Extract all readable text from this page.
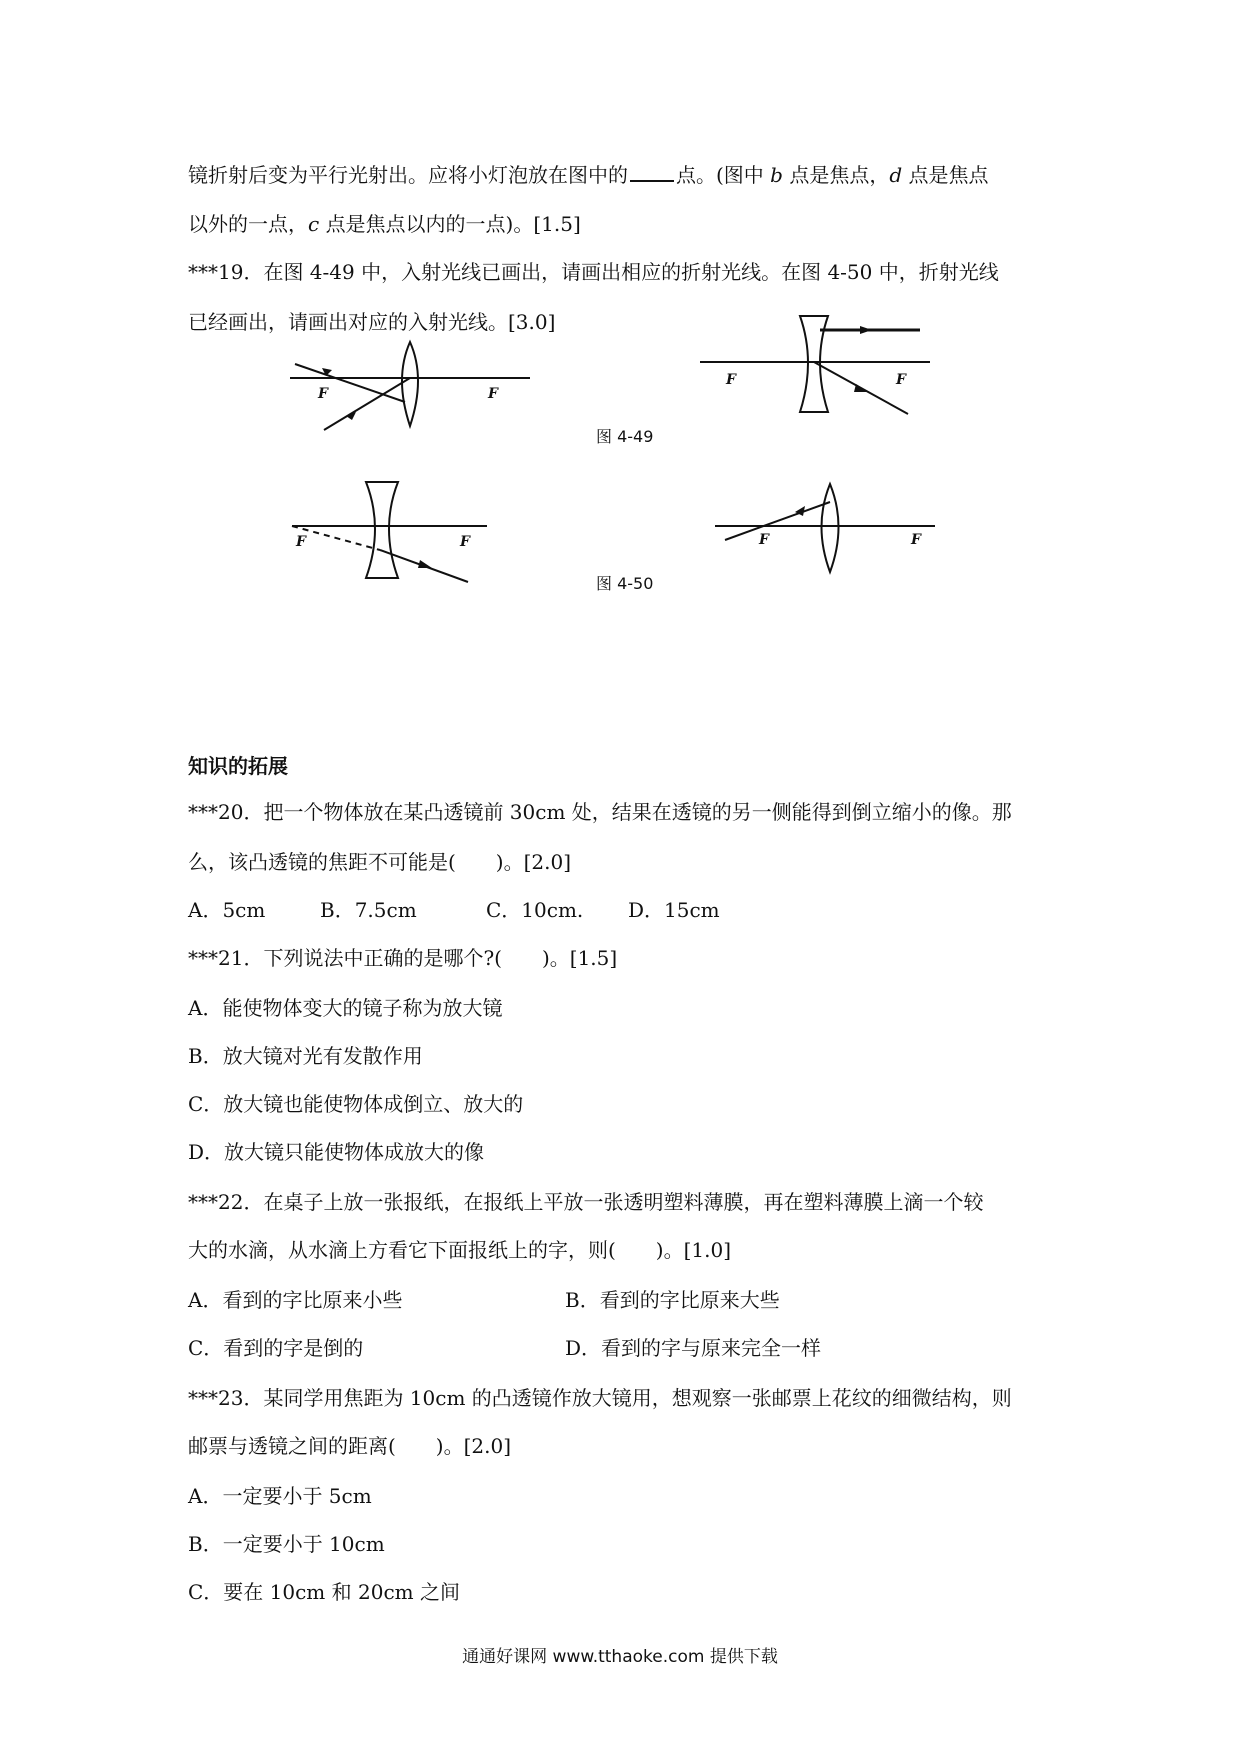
镜折射后变为平行光射出。应将小灯泡放在图中的 点。(图中 b 点是焦点，d 点是焦点
以外的一点，c 点是焦点以内的一点)。[1.5]
***19．在图 4-49 中，入射光线已画出，请画出相应的折射光线。在图 4-50 中，折射光线
已经画出，请画出对应的入射光线。[3.0]
F	F
F	F
图 4-49
F	F	F	F
图 4-50
知识的拓展
***20．把一个物体放在某凸透镜前 30cm 处，结果在透镜的另一侧能得到倒立缩小的像。那
么，该凸透镜的焦距不可能是(　　)。[2.0]
A．5cm	B．7.5cm	C．10cm. D．15cm
***21．下列说法中正确的是哪个?(　　)。[1.5]
A．能使物体变大的镜子称为放大镜
B．放大镜对光有发散作用
C．放大镜也能使物体成倒立、放大的
D．放大镜只能使物体成放大的像
***22．在桌子上放一张报纸，在报纸上平放一张透明塑料薄膜，再在塑料薄膜上滴一个较
大的水滴，从水滴上方看它下面报纸上的字，则(　　)。[1.0]
A．看到的字比原来小些	B．看到的字比原来大些
C．看到的字是倒的	D．看到的字与原来完全一样
***23．某同学用焦距为 10cm 的凸透镜作放大镜用，想观察一张邮票上花纹的细微结构，则
邮票与透镜之间的距离(　　)。[2.0]
A．一定要小于 5cm
B．一定要小于 10cm
C．要在 10cm 和 20cm 之间
通通好课网 www.tthaoke.com 提供下载
